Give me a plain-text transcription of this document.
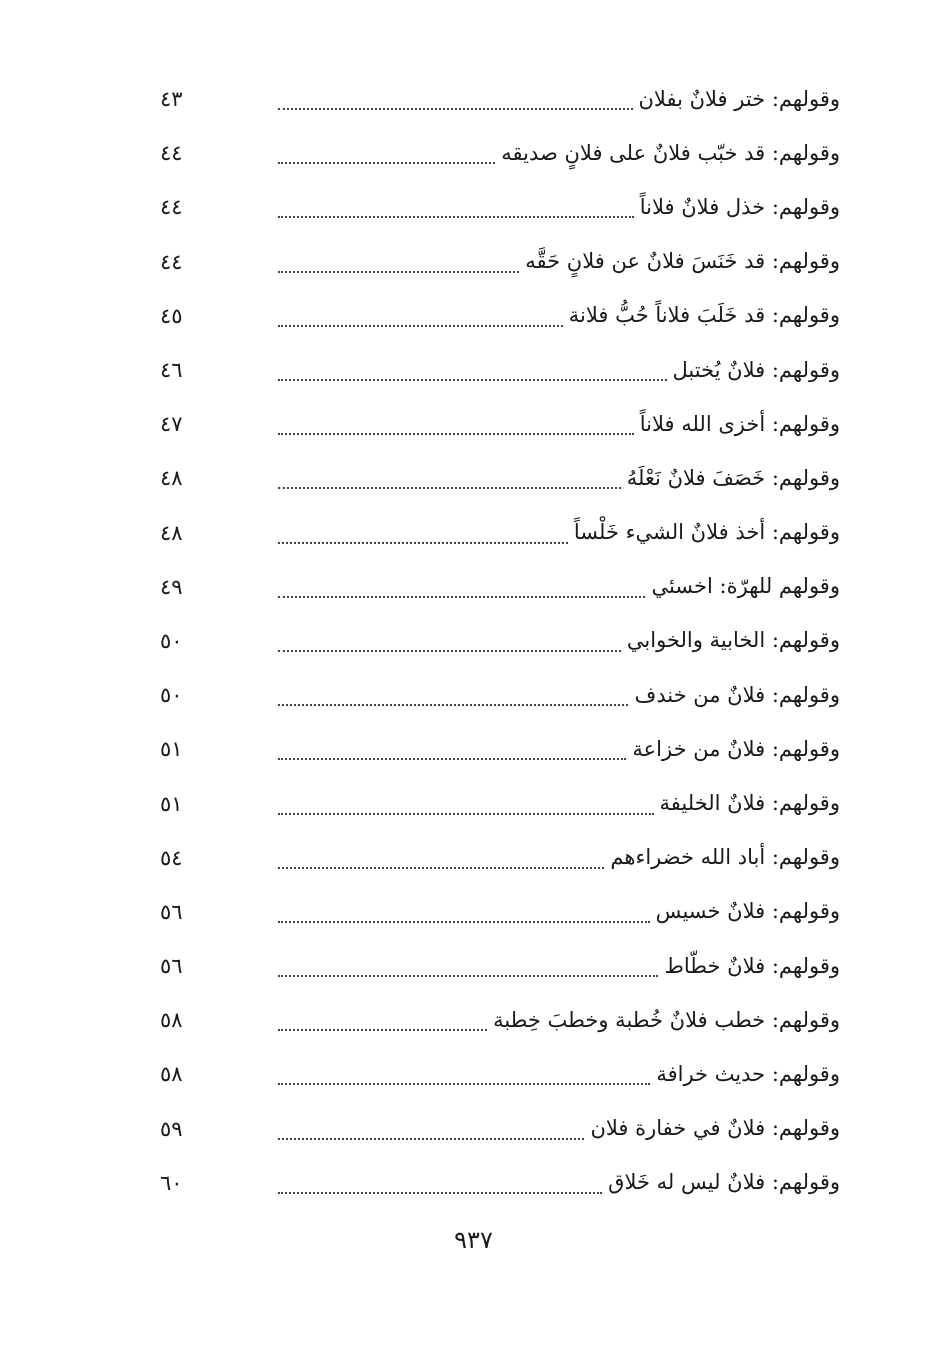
وقولهم: ختر فلانٌ بفلان
٤٣
وقولهم: قد خبّب فلانٌ على فلانٍ صديقه
٤٤
وقولهم: خذل فلانٌ فلاناً
٤٤
وقولهم: قد خَنَسَ فلانٌ عن فلانٍ حَقَّه
٤٤
وقولهم: قد خَلَبَ فلاناً حُبُّ فلانة
٤٥
وقولهم: فلانٌ يُختبل
٤٦
وقولهم: أخزى الله فلاناً
٤٧
وقولهم: خَصَفَ فلانٌ نَعْلَهُ
٤٨
وقولهم: أخذ فلانٌ الشيء خَلْساً
٤٨
وقولهم للهرّة: اخسئي
٤٩
وقولهم: الخابية والخوابي
٥٠
وقولهم: فلانٌ من خندف
٥٠
وقولهم: فلانٌ من خزاعة
٥١
وقولهم: فلانٌ الخليفة
٥١
وقولهم: أباد الله خضراءهم
٥٤
وقولهم: فلانٌ خسيس
٥٦
وقولهم: فلانٌ خطّاط
٥٦
وقولهم: خطب فلانٌ خُطبة وخطبَ خِطبة
٥٨
وقولهم: حديث خرافة
٥٨
وقولهم: فلانٌ في خفارة فلان
٥٩
وقولهم: فلانٌ ليس له خَلاق
٦٠
٩٣٧
